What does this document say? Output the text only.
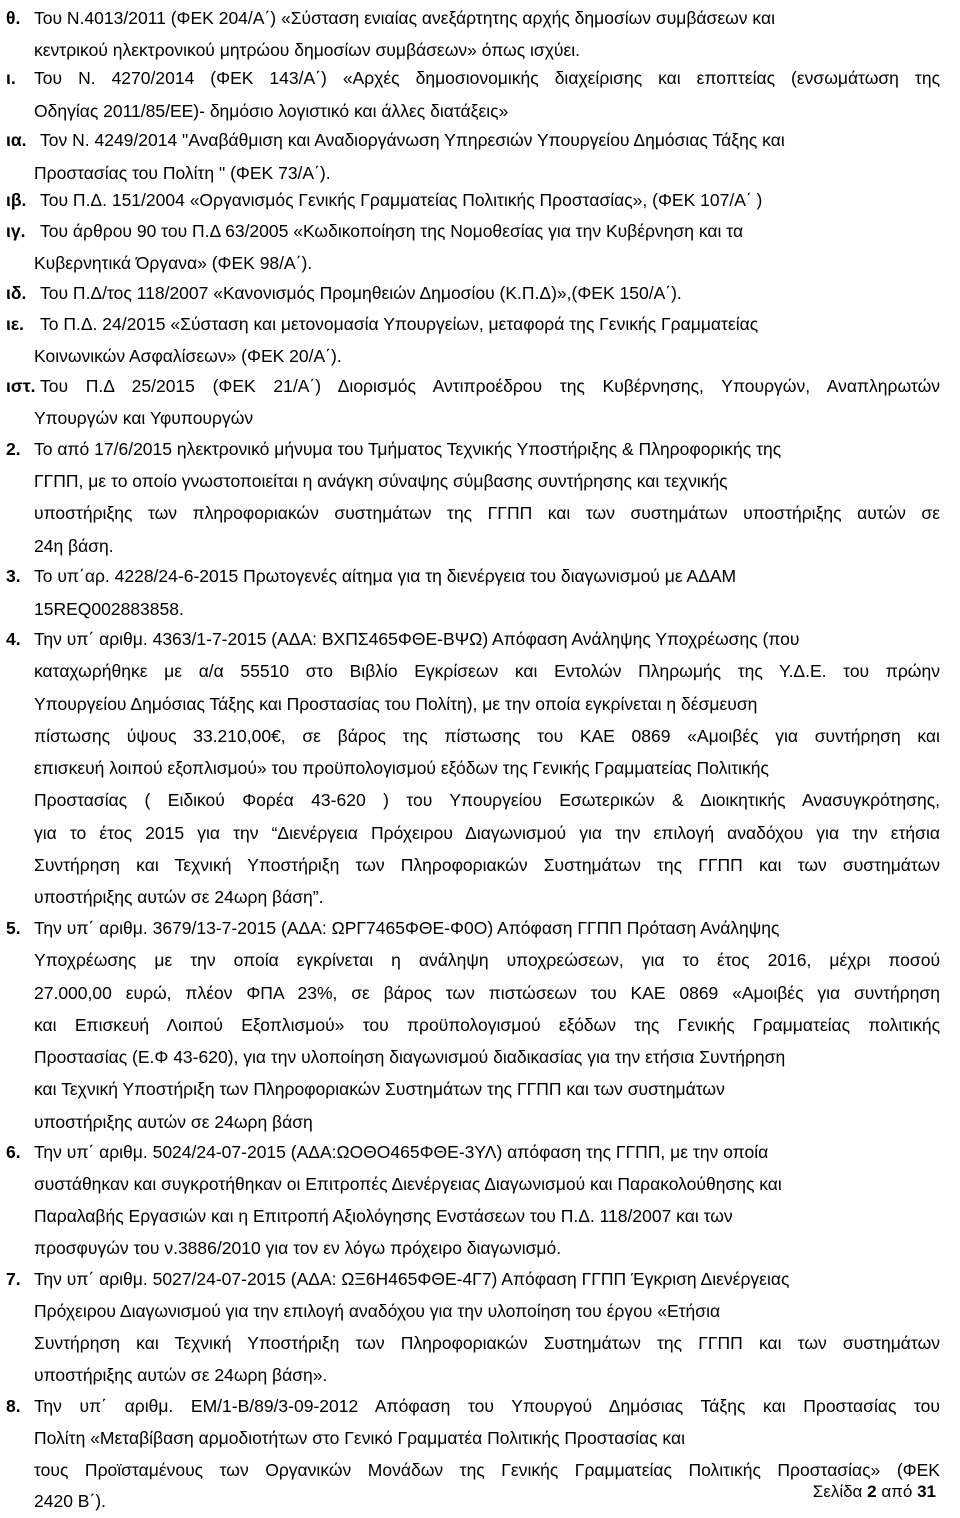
θ. Του Ν.4013/2011 (ΦΕΚ 204/Α΄) «Σύσταση ενιαίας ανεξάρτητης αρχής δημοσίων συμβάσεων και
κεντρικού ηλεκτρονικού μητρώου δημοσίων συμβάσεων» όπως ισχύει.
ι. Του Ν. 4270/2014 (ΦΕΚ 143/Α΄) «Αρχές δημοσιονομικής διαχείρισης και εποπτείας (ενσωμάτωση της
Οδηγίας 2011/85/ΕΕ)- δημόσιο λογιστικό και άλλες διατάξεις»
ια. Τον Ν. 4249/2014 "Αναβάθμιση και Αναδιοργάνωση Υπηρεσιών Υπουργείου Δημόσιας Τάξης και
Προστασίας του Πολίτη " (ΦΕΚ 73/Α΄).
ιβ. Του Π.Δ. 151/2004 «Οργανισμός Γενικής Γραμματείας Πολιτικής Προστασίας», (ΦΕΚ 107/Α΄ )
ιγ. Του άρθρου 90 του Π.Δ 63/2005 «Κωδικοποίηση της Νομοθεσίας για την Κυβέρνηση και τα
Κυβερνητικά Όργανα» (ΦΕΚ 98/Α΄).
ιδ. Του Π.Δ/τος 118/2007 «Κανονισμός Προμηθειών Δημοσίου (Κ.Π.Δ)»,(ΦΕΚ 150/Α΄).
ιε. Το Π.Δ. 24/2015 «Σύσταση και μετονομασία Υπουργείων, μεταφορά της Γενικής Γραμματείας
Κοινωνικών Ασφαλίσεων» (ΦΕΚ 20/Α΄).
ιστ. Του Π.Δ 25/2015 (ΦΕΚ 21/Α΄) Διορισμός Αντιπροέδρου της Κυβέρνησης, Υπουργών, Αναπληρωτών
Υπουργών και Υφυπουργών
2. Το από 17/6/2015 ηλεκτρονικό μήνυμα του Τμήματος Τεχνικής Υποστήριξης & Πληροφορικής της
ΓΓΠΠ, με το οποίο γνωστοποιείται η ανάγκη σύναψης σύμβασης συντήρησης και τεχνικής
υποστήριξης των πληροφοριακών συστημάτων της ΓΓΠΠ και των συστημάτων υποστήριξης αυτών σε
24η βάση.
3. Το υπ΄αρ. 4228/24-6-2015 Πρωτογενές αίτημα για τη διενέργεια του διαγωνισμού με ΑΔΑΜ
15REQ002883858.
4. Την υπ΄ αριθμ. 4363/1-7-2015 (ΑΔΑ: ΒΧΠΣ465ΦΘΕ-ΒΨΩ) Απόφαση Ανάληψης Υποχρέωσης (που
καταχωρήθηκε με α/α 55510 στο Βιβλίο Εγκρίσεων και Εντολών Πληρωμής της Υ.Δ.Ε. του πρώην
Υπουργείου Δημόσιας Τάξης και Προστασίας του Πολίτη), με την οποία εγκρίνεται η δέσμευση
πίστωσης ύψους 33.210,00€, σε βάρος της πίστωσης του ΚΑΕ 0869 «Αμοιβές για συντήρηση και
επισκευή λοιπού εξοπλισμού» του προϋπολογισμού εξόδων της Γενικής Γραμματείας Πολιτικής
Προστασίας ( Ειδικού Φορέα 43-620 ) του Υπουργείου Εσωτερικών & Διοικητικής Ανασυγκρότησης,
για το έτος 2015 για την “Διενέργεια Πρόχειρου Διαγωνισμού για την επιλογή αναδόχου για την ετήσια
Συντήρηση και Τεχνική Υποστήριξη των Πληροφοριακών Συστημάτων της ΓΓΠΠ και των συστημάτων
υποστήριξης αυτών σε 24ωρη βάση”.
5. Την υπ΄ αριθμ. 3679/13-7-2015 (ΑΔΑ: ΩΡΓ7465ΦΘΕ-Φ0Ο) Απόφαση ΓΓΠΠ Πρόταση Ανάληψης
Υποχρέωσης με την οποία εγκρίνεται η ανάληψη υποχρεώσεων, για το έτος 2016, μέχρι ποσού
27.000,00 ευρώ, πλέον ΦΠΑ 23%, σε βάρος των πιστώσεων του ΚΑΕ 0869 «Αμοιβές για συντήρηση
και Επισκευή Λοιπού Εξοπλισμού» του προϋπολογισμού εξόδων της Γενικής Γραμματείας πολιτικής
Προστασίας (Ε.Φ 43-620), για την υλοποίηση διαγωνισμού διαδικασίας για την ετήσια Συντήρηση
και Τεχνική Υποστήριξη των Πληροφοριακών Συστημάτων της ΓΓΠΠ και των συστημάτων
υποστήριξης αυτών σε 24ωρη βάση
6. Την υπ΄ αριθμ. 5024/24-07-2015 (ΑΔΑ:ΩΟΘΟ465ΦΘΕ-3ΥΛ) απόφαση της ΓΓΠΠ, με την οποία
συστάθηκαν και συγκροτήθηκαν οι Επιτροπές Διενέργειας Διαγωνισμού και Παρακολούθησης και
Παραλαβής Εργασιών και η Επιτροπή Αξιολόγησης Ενστάσεων του Π.Δ. 118/2007 και των
προσφυγών του ν.3886/2010 για τον εν λόγω πρόχειρο διαγωνισμό.
7. Την υπ΄ αριθμ. 5027/24-07-2015 (ΑΔΑ: ΩΞ6Η465ΦΘΕ-4Γ7) Απόφαση ΓΓΠΠ Έγκριση Διενέργειας
Πρόχειρου Διαγωνισμού για την επιλογή αναδόχου για την υλοποίηση του έργου «Ετήσια
Συντήρηση και Τεχνική Υποστήριξη των Πληροφοριακών Συστημάτων της ΓΓΠΠ και των συστημάτων
υποστήριξης αυτών σε 24ωρη βάση».
8. Την υπ΄ αριθμ. ΕΜ/1-Β/89/3-09-2012 Απόφαση του Υπουργού Δημόσιας Τάξης και Προστασίας του
Πολίτη «Μεταβίβαση αρμοδιοτήτων στο Γενικό Γραμματέα Πολιτικής Προστασίας και
τους Προϊσταμένους των Οργανικών Μονάδων της Γενικής Γραμματείας Πολιτικής Προστασίας» (ΦΕΚ
2420 Β΄).	Σελίδα 2 από 31
